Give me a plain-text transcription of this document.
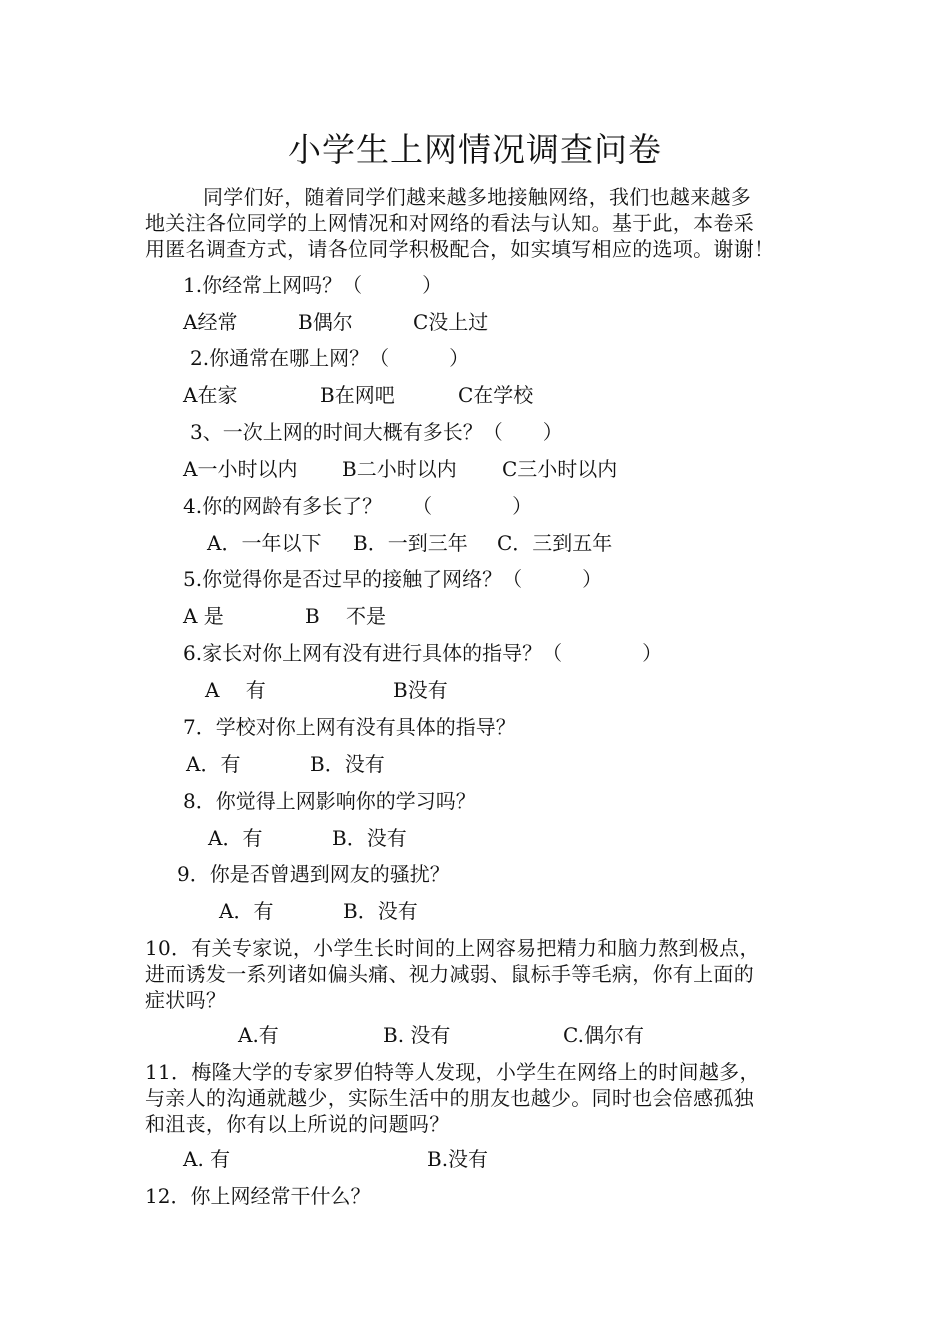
小学生上网情况调查问卷
同学们好，随着同学们越来越多地接触网络，我们也越来越多
地关注各位同学的上网情况和对网络的看法与认知。基于此，本卷采
用匿名调查方式，请各位同学积极配合，如实填写相应的选项。谢谢！
1.你经常上网吗？（　　　）
A经常	B偶尔	C没上过
2.你通常在哪上网？（　　　）
A在家	B在网吧	C在学校
3、一次上网的时间大概有多长？（　　）
A一小时以内 B二小时以内 C三小时以内
4.你的网龄有多长了？　　（　　　　）
A．一年以下 B．一到三年 C．三到五年
5.你觉得你是否过早的接触了网络？（　　　）
A 是	B　 不是
6.家长对你上网有没有进行具体的指导？（　　　　）
A　 有	B没有
7．学校对你上网有没有具体的指导？
A．有	B．没有
8．你觉得上网影响你的学习吗？
A．有	B．没有
9．你是否曾遇到网友的骚扰？
A．有	B．没有
10．有关专家说，小学生长时间的上网容易把精力和脑力熬到极点，
进而诱发一系列诸如偏头痛、视力减弱、鼠标手等毛病，你有上面的
症状吗？
A.有	B. 没有	C.偶尔有
11．梅隆大学的专家罗伯特等人发现，小学生在网络上的时间越多，
与亲人的沟通就越少，实际生活中的朋友也越少。同时也会倍感孤独
和沮丧，你有以上所说的问题吗？
A. 有	B.没有
12．你上网经常干什么？
